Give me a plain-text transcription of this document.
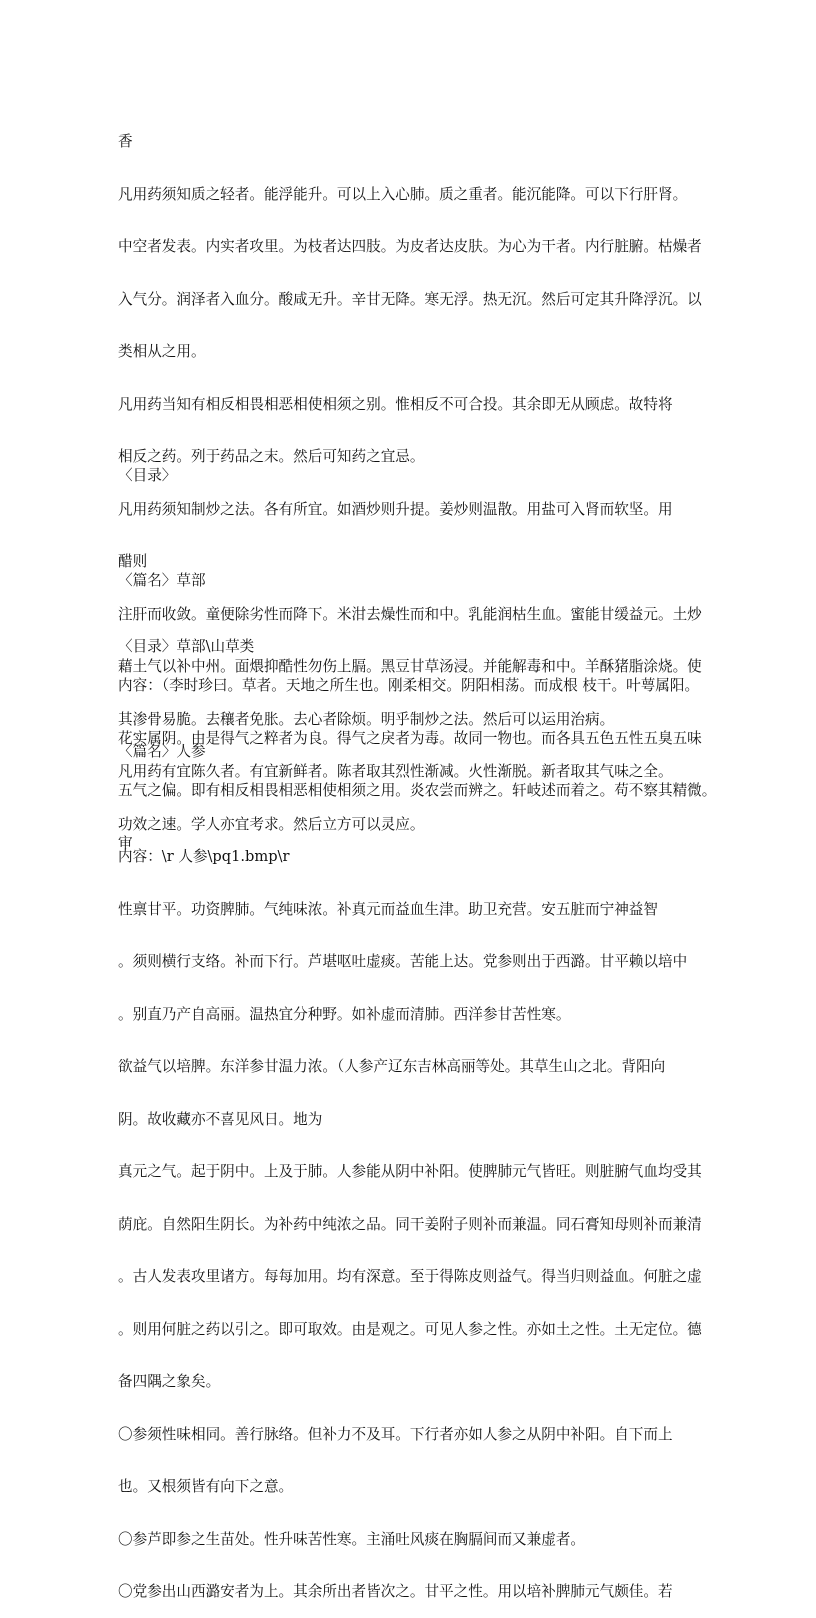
香

凡用药须知质之轻者。能浮能升。可以上入心肺。质之重者。能沉能降。可以下行肝肾。

中空者发表。内实者攻里。为枝者达四肢。为皮者达皮肤。为心为干者。内行脏腑。枯燥者

入气分。润泽者入血分。酸咸无升。辛甘无降。寒无浮。热无沉。然后可定其升降浮沉。以

类相从之用。

凡用药当知有相反相畏相恶相使相须之别。惟相反不可合投。其余即无从顾虑。故特将

相反之药。列于药品之末。然后可知药之宜忌。

凡用药须知制炒之法。各有所宜。如酒炒则升提。姜炒则温散。用盐可入肾而软坚。用

醋则

注肝而收敛。童便除劣性而降下。米泔去燥性而和中。乳能润枯生血。蜜能甘缓益元。土炒

藉土气以补中州。面煨抑酷性勿伤上膈。黑豆甘草汤浸。并能解毒和中。羊酥猪脂涂烧。使

其渗骨易脆。去穰者免胀。去心者除烦。明乎制炒之法。然后可以运用治病。

凡用药有宜陈久者。有宜新鲜者。陈者取其烈性渐减。火性渐脱。新者取其气味之全。

功效之速。学人亦宜考求。然后立方可以灵应。

〈目录〉

〈篇名〉草部

内容：（李时珍曰。草者。天地之所生也。刚柔相交。阴阳相荡。而成根 枝干。叶萼属阳。

花实属阴。由是得气之粹者为良。得气之戾者为毒。故同一物也。而各具五色五性五臭五味

五气之偏。即有相反相畏相恶相使相须之用。炎农尝而辨之。轩岐述而着之。苟不察其精微。

审

〈目录〉草部\山草类

〈篇名〉人参

内容：\r 人参\pq1.bmp\r

性禀甘平。功资脾肺。气纯味浓。补真元而益血生津。助卫充营。安五脏而宁神益智

。须则横行支络。补而下行。芦堪呕吐虚痰。苦能上达。党参则出于西潞。甘平赖以培中

。别直乃产自高丽。温热宜分种野。如补虚而清肺。西洋参甘苦性寒。

欲益气以培脾。东洋参甘温力浓。（人参产辽东吉林高丽等处。其草生山之北。背阳向

阴。故收藏亦不喜见风日。地为

真元之气。起于阴中。上及于肺。人参能从阴中补阳。使脾肺元气皆旺。则脏腑气血均受其

荫庇。自然阳生阴长。为补药中纯浓之品。同干姜附子则补而兼温。同石膏知母则补而兼清

。古人发表攻里诸方。每每加用。均有深意。至于得陈皮则益气。得当归则益血。何脏之虚

。则用何脏之药以引之。即可取效。由是观之。可见人参之性。亦如土之性。土无定位。德

备四隅之象矣。

〇参须性味相同。善行脉络。但补力不及耳。下行者亦如人参之从阴中补阳。自下而上

也。又根须皆有向下之意。

〇参芦即参之生苗处。性升味苦性寒。主涌吐风痰在胸膈间而又兼虚者。

〇党参出山西潞安者为上。其余所出者皆次之。甘平之性。用以培补脾肺元气颇佳。若
